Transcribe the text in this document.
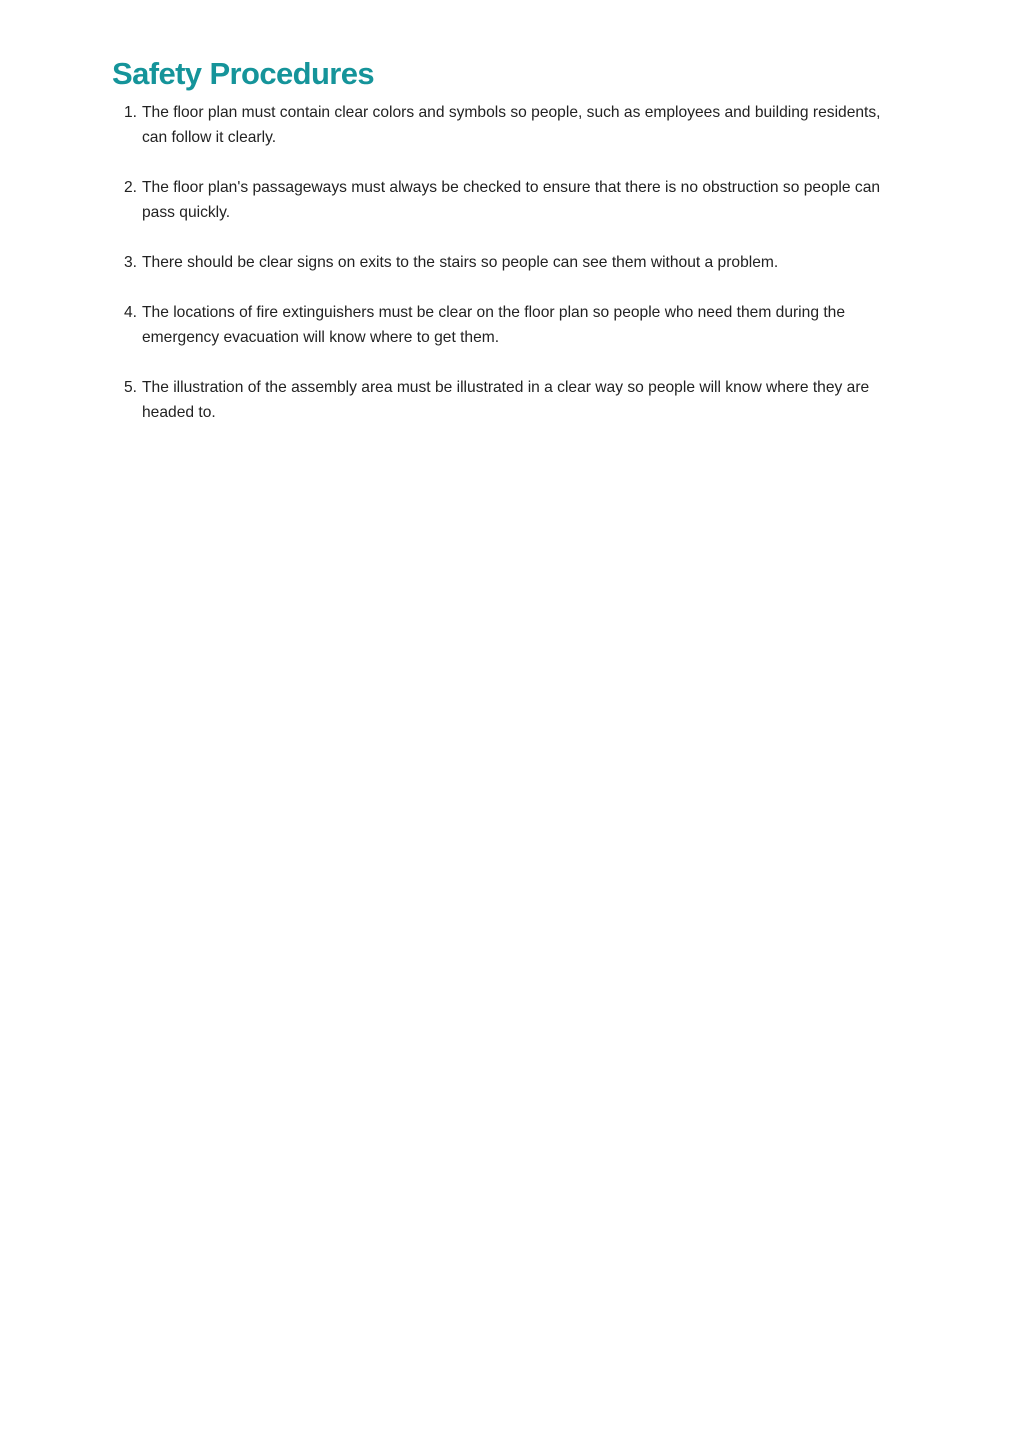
Safety Procedures
1. The floor plan must contain clear colors and symbols so people, such as employees and building residents, can follow it clearly.
2. The floor plan's passageways must always be checked to ensure that there is no obstruction so people can pass quickly.
3. There should be clear signs on exits to the stairs so people can see them without a problem.
4. The locations of fire extinguishers must be clear on the floor plan so people who need them during the emergency evacuation will know where to get them.
5. The illustration of the assembly area must be illustrated in a clear way so people will know where they are headed to.
